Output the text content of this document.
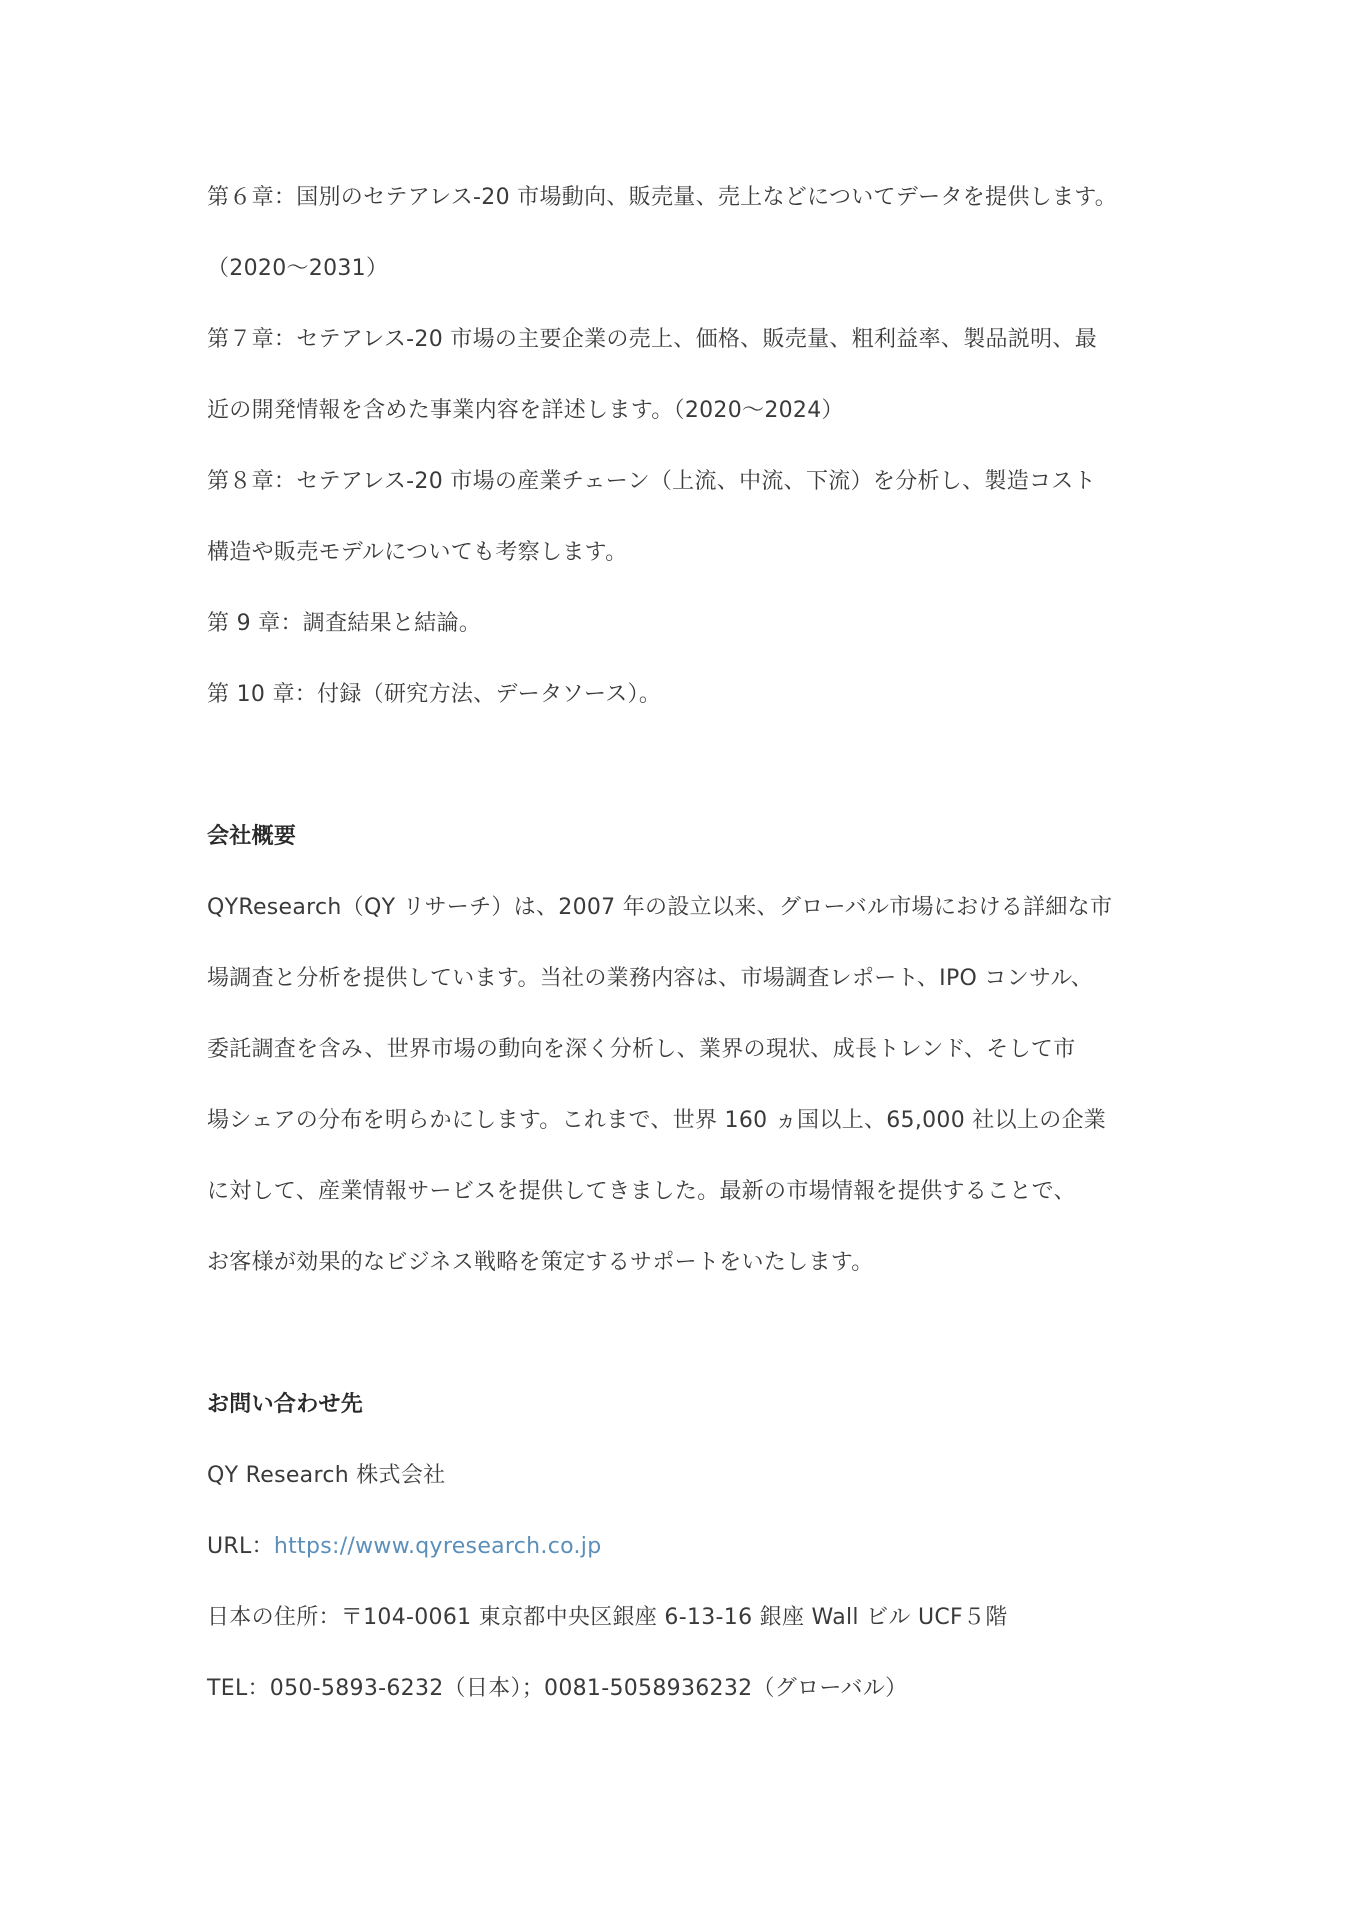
第６章：国別のセテアレス-20 市場動向、販売量、売上などについてデータを提供します。
（2020～2031）
第７章：セテアレス-20 市場の主要企業の売上、価格、販売量、粗利益率、製品説明、最
近の開発情報を含めた事業内容を詳述します。（2020～2024）
第８章：セテアレス-20 市場の産業チェーン（上流、中流、下流）を分析し、製造コスト
構造や販売モデルについても考察します。
第 9 章：調査結果と結論。
第 10 章：付録（研究方法、データソース）。
会社概要
QYResearch（QY リサーチ）は、2007 年の設立以来、グローバル市場における詳細な市
場調査と分析を提供しています。当社の業務内容は、市場調査レポート、IPO コンサル、
委託調査を含み、世界市場の動向を深く分析し、業界の現状、成長トレンド、そして市
場シェアの分布を明らかにします。これまで、世界 160 ヵ国以上、65,000 社以上の企業
に対して、産業情報サービスを提供してきました。最新の市場情報を提供することで、
お客様が効果的なビジネス戦略を策定するサポートをいたします。
お問い合わせ先
QY Research 株式会社
URL：https://www.qyresearch.co.jp
日本の住所：〒104-0061 東京都中央区銀座 6-13-16 銀座 Wall ビル UCF５階
TEL：050-5893-6232（日本）；0081-5058936232（グローバル）
